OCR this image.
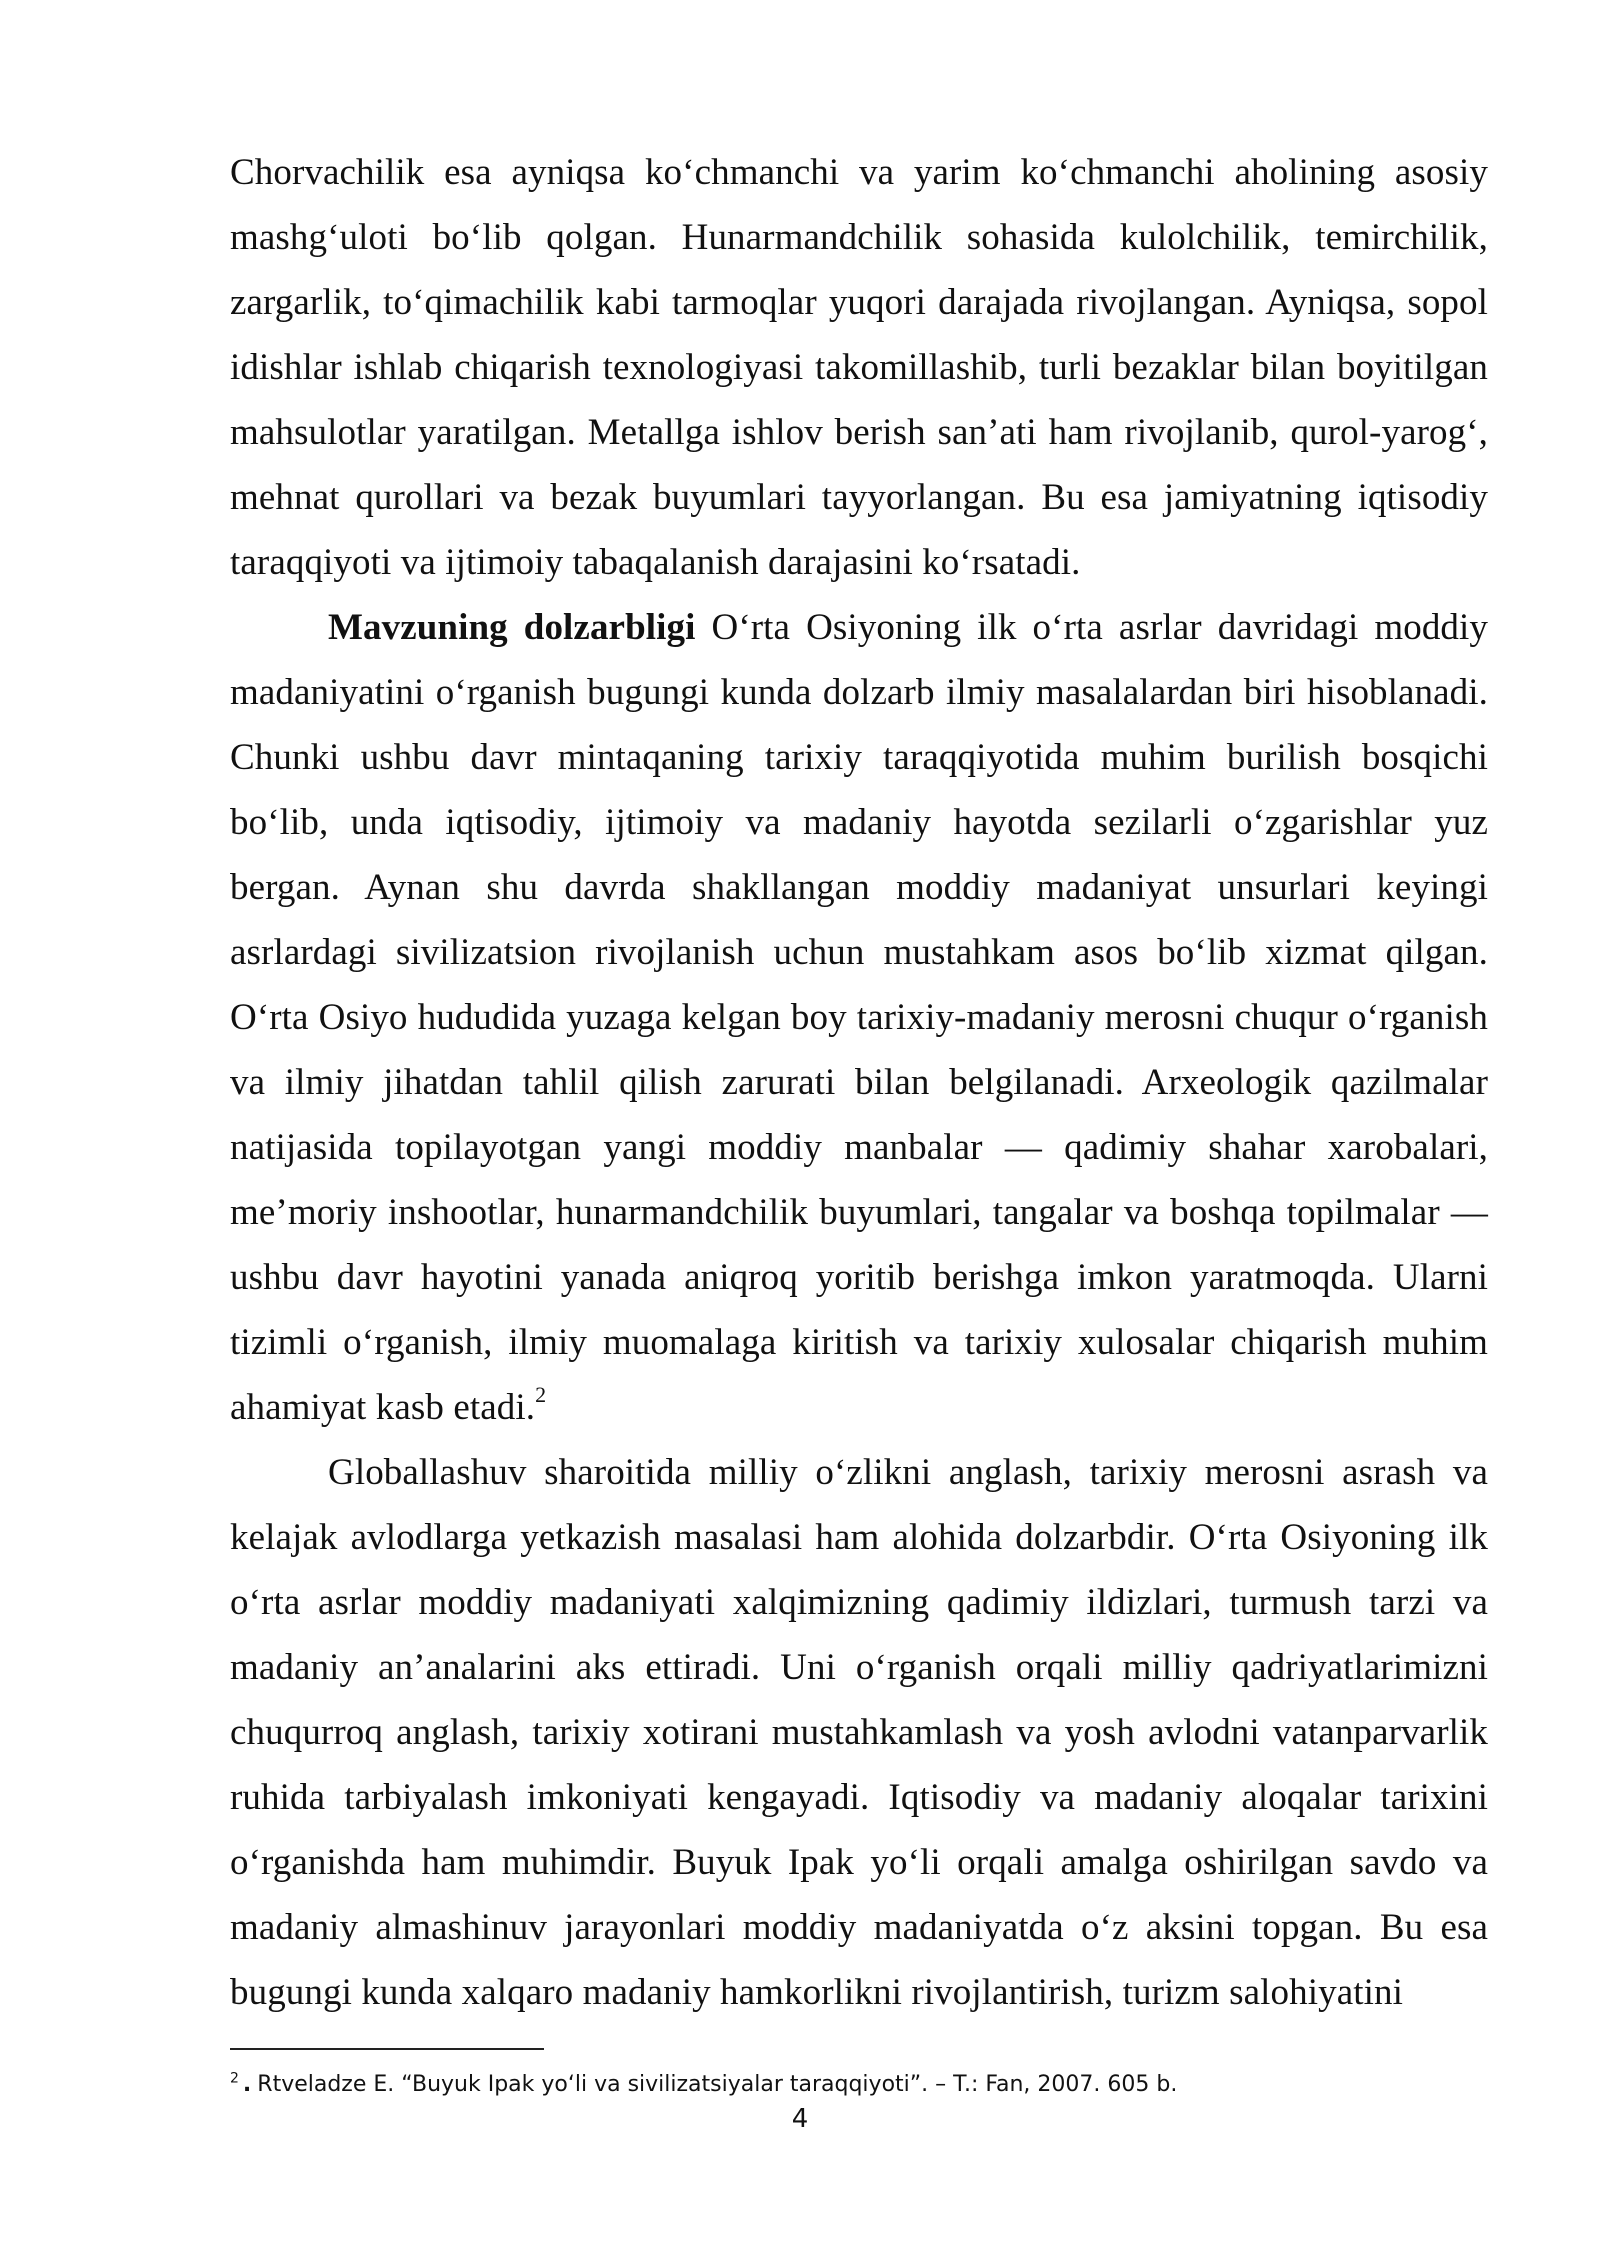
Chorvachilik esa ayniqsa ko‘chmanchi va yarim ko‘chmanchi aholining asosiy mashg‘uloti bo‘lib qolgan. Hunarmandchilik sohasida kulolchilik, temirchilik, zargarlik, to‘qimachilik kabi tarmoqlar yuqori darajada rivojlangan. Ayniqsa, sopol idishlar ishlab chiqarish texnologiyasi takomillashib, turli bezaklar bilan boyitilgan mahsulotlar yaratilgan. Metallga ishlov berish san’ati ham rivojlanib, qurol-yarog‘, mehnat qurollari va bezak buyumlari tayyorlangan. Bu esa jamiyatning iqtisodiy taraqqiyoti va ijtimoiy tabaqalanish darajasini ko‘rsatadi.

Mavzuning dolzarbligi O‘rta Osiyoning ilk o‘rta asrlar davridagi moddiy madaniyatini o‘rganish bugungi kunda dolzarb ilmiy masalalardan biri hisoblanadi. Chunki ushbu davr mintaqaning tarixiy taraqqiyotida muhim burilish bosqichi bo‘lib, unda iqtisodiy, ijtimoiy va madaniy hayotda sezilarli o‘zgarishlar yuz bergan. Aynan shu davrda shakllangan moddiy madaniyat unsurlari keyingi asrlardagi sivilizatsion rivojlanish uchun mustahkam asos bo‘lib xizmat qilgan. O‘rta Osiyo hududida yuzaga kelgan boy tarixiy-madaniy merosni chuqur o‘rganish va ilmiy jihatdan tahlil qilish zarurati bilan belgilanadi. Arxeologik qazilmalar natijasida topilayotgan yangi moddiy manbalar — qadimiy shahar xarobalari, me’moriy inshootlar, hunarmandchilik buyumlari, tangalar va boshqa topilmalar — ushbu davr hayotini yanada aniqroq yoritib berishga imkon yaratmoqda. Ularni tizimli o‘rganish, ilmiy muomalaga kiritish va tarixiy xulosalar chiqarish muhim ahamiyat kasb etadi.$^2$

Globallashuv sharoitida milliy o‘zlikni anglash, tarixiy merosni asrash va kelajak avlodlarga yetkazish masalasi ham alohida dolzarbdir. O‘rta Osiyoning ilk o‘rta asrlar moddiy madaniyati xalqimizning qadimiy ildizlari, turmush tarzi va madaniy an’analarini aks ettiradi. Uni o‘rganish orqali milliy qadriyatlarimizni chuqurroq anglash, tarixiy xotirani mustahkamlash va yosh avlodni vatanparvarlik ruhida tarbiyalash imkoniyati kengayadi. Iqtisodiy va madaniy aloqalar tarixini o‘rganishda ham muhimdir. Buyuk Ipak yo‘li orqali amalga oshirilgan savdo va madaniy almashinuv jarayonlari moddiy madaniyatda o‘z aksini topgan. Bu esa bugungi kunda xalqaro madaniy hamkorlikni rivojlantirish, turizm salohiyatini

$^2$ . Rtveladze E. “Buyuk Ipak yo‘li va sivilizatsiyalar taraqqiyoti”. – T.: Fan, 2007. 605 b.
4
